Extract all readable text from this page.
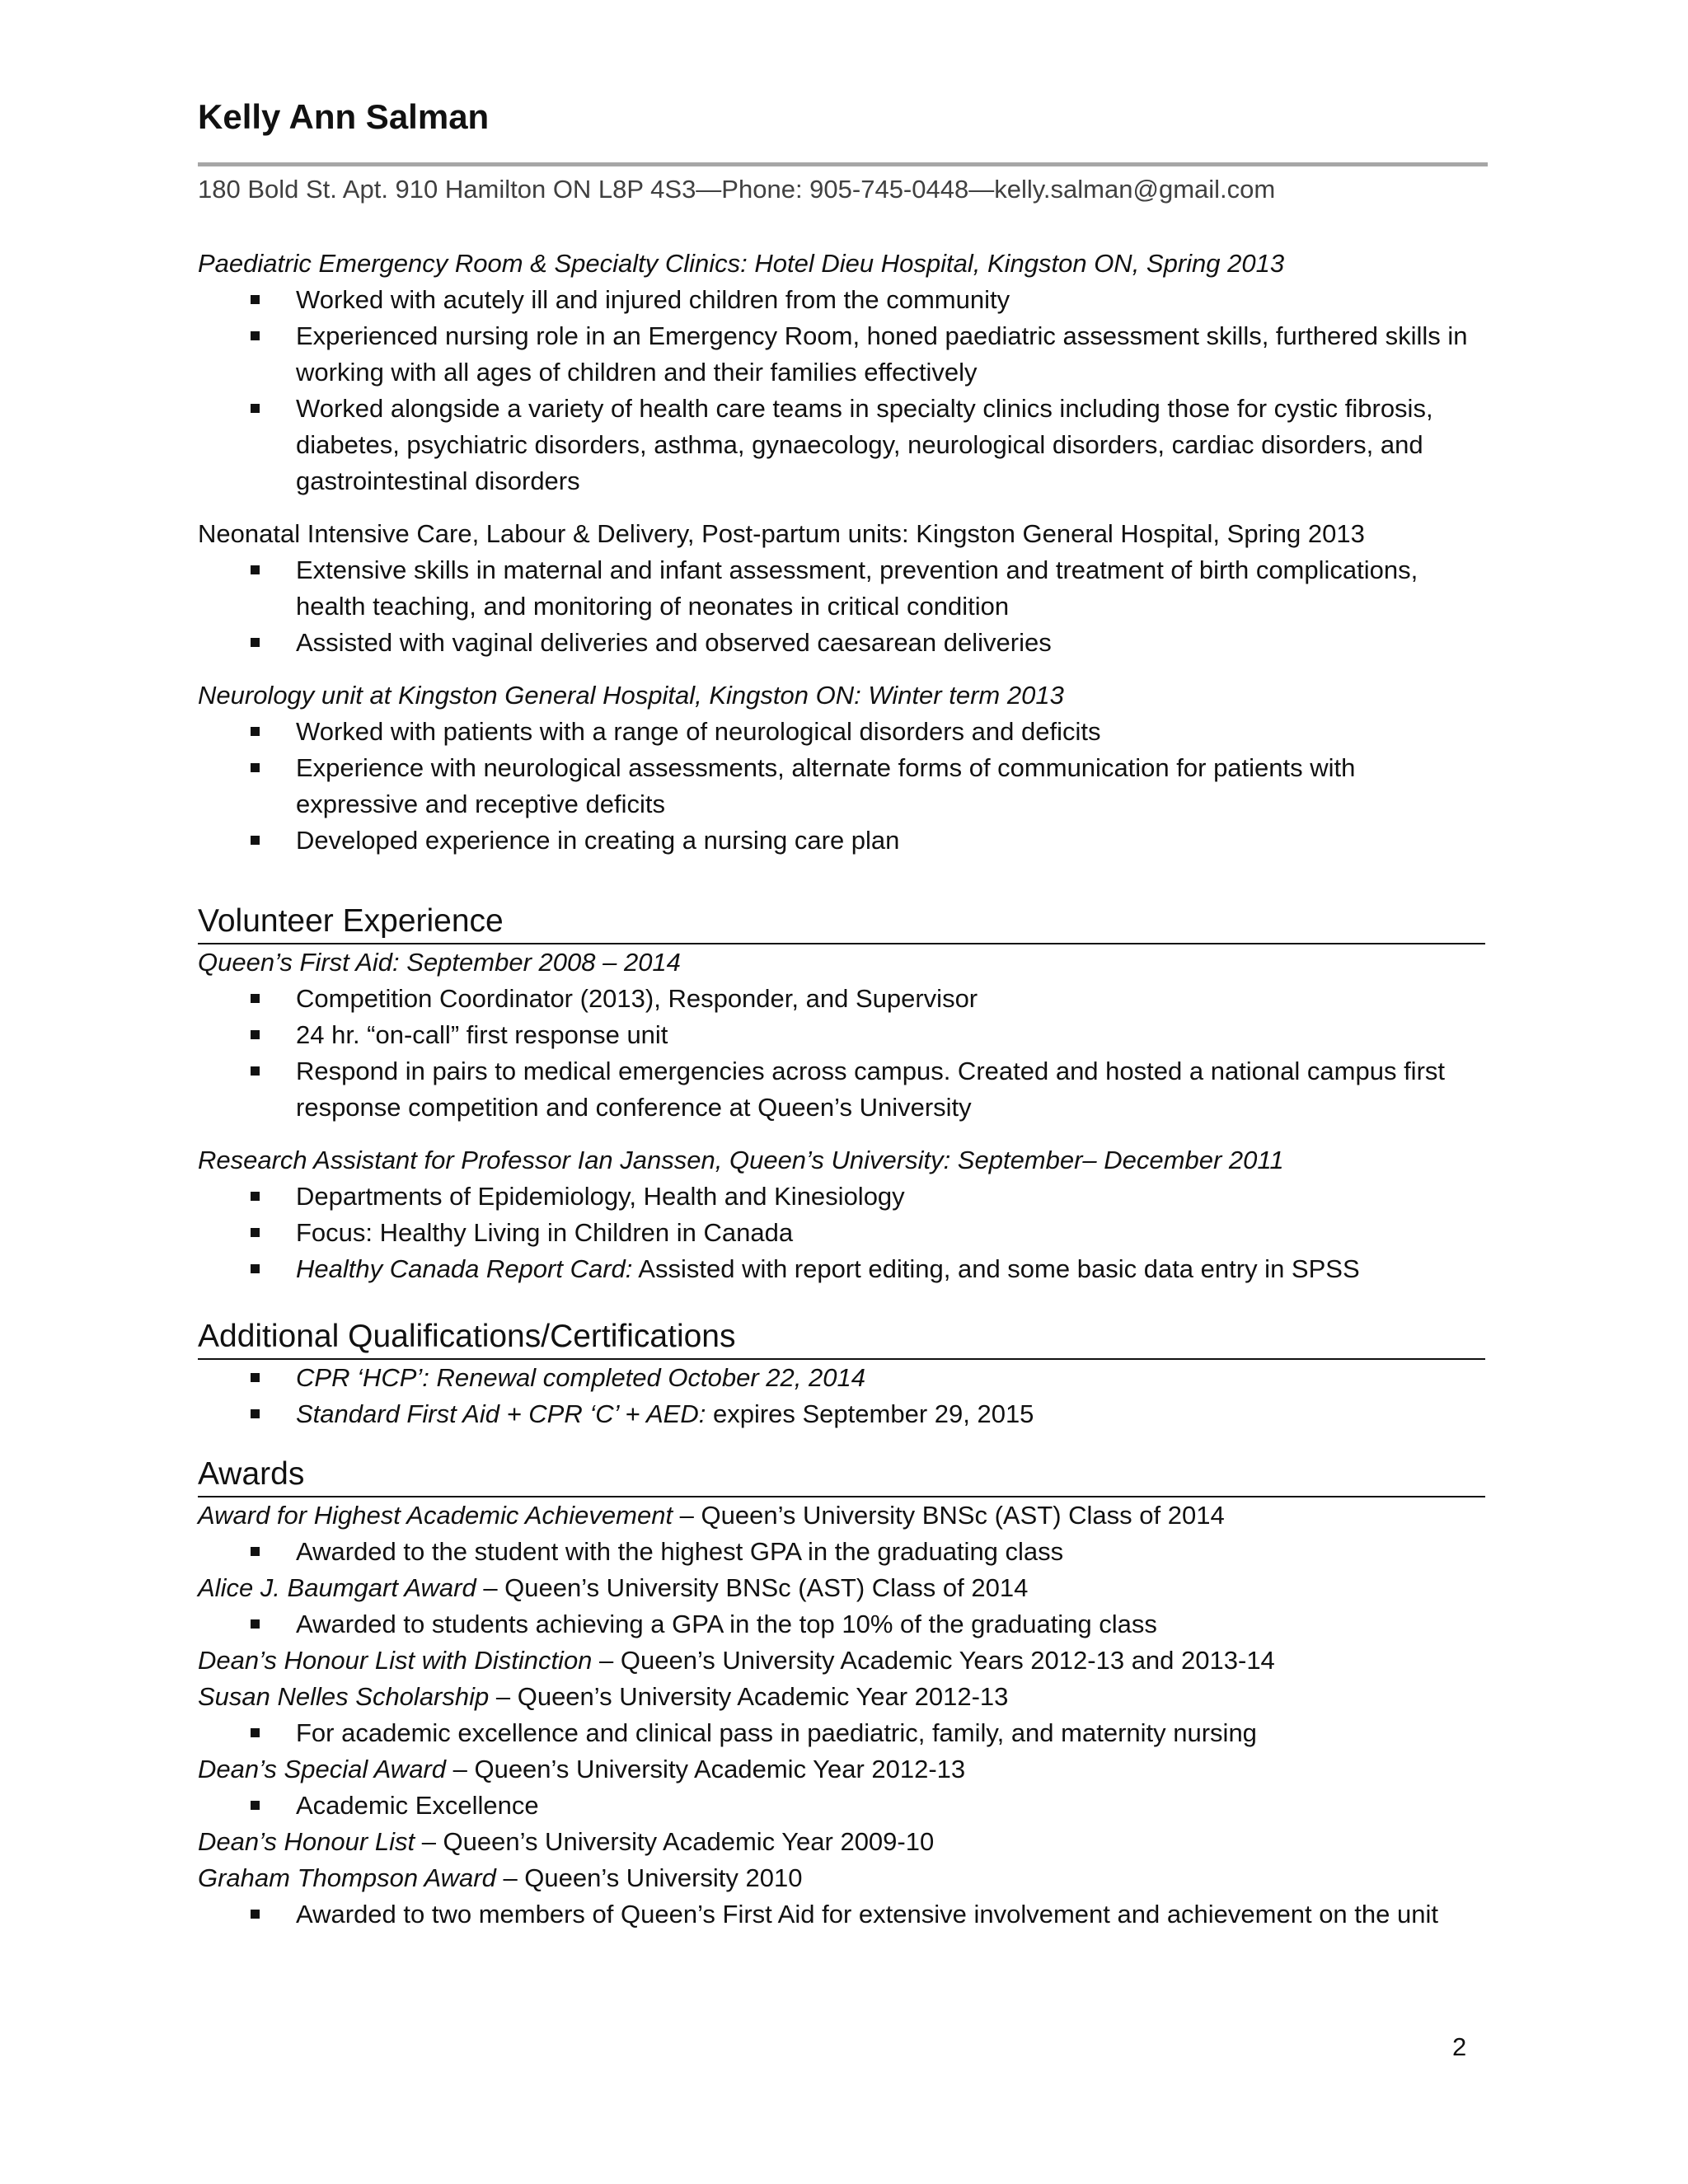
Kelly Ann Salman
180 Bold St. Apt. 910 Hamilton ON L8P 4S3—Phone: 905-745-0448—kelly.salman@gmail.com

Paediatric Emergency Room & Specialty Clinics: Hotel Dieu Hospital, Kingston ON, Spring 2013

Worked with acutely ill and injured children from the community
Experienced nursing role in an Emergency Room, honed paediatric assessment skills, furthered skills in working with all ages of children and their families effectively
Worked alongside a variety of health care teams in specialty clinics including those for cystic fibrosis, diabetes, psychiatric disorders, asthma, gynaecology, neurological disorders, cardiac disorders, and gastrointestinal disorders

Neonatal Intensive Care, Labour & Delivery, Post-partum units: Kingston General Hospital, Spring 2013

Extensive skills in maternal and infant assessment, prevention and treatment of birth complications, health teaching, and monitoring of neonates in critical condition
Assisted with vaginal deliveries and observed caesarean deliveries

Neurology unit at Kingston General Hospital, Kingston ON: Winter term 2013

Worked with patients with a range of neurological disorders and deficits
Experience with neurological assessments, alternate forms of communication for patients with expressive and receptive deficits
Developed experience in creating a nursing care plan
Volunteer Experience

Queen’s First Aid: September 2008 – 2014

Competition Coordinator (2013), Responder, and Supervisor
24 hr. “on-call” first response unit
Respond in pairs to medical emergencies across campus. Created and hosted a national campus first response competition and conference at Queen’s University

Research Assistant for Professor Ian Janssen, Queen’s University: September– December 2011

Departments of Epidemiology, Health and Kinesiology
Focus: Healthy Living in Children in Canada
Healthy Canada Report Card: Assisted with report editing, and some basic data entry in SPSS
Additional Qualifications/Certifications
CPR ‘HCP’: Renewal completed October 22, 2014
Standard First Aid + CPR ‘C’ + AED: expires September 29, 2015
Awards

Award for Highest Academic Achievement – Queen’s University BNSc (AST) Class of 2014

Awarded to the student with the highest GPA in the graduating class

Alice J. Baumgart Award – Queen’s University BNSc (AST) Class of 2014

Awarded to students achieving a GPA in the top 10% of the graduating class

Dean’s Honour List with Distinction – Queen’s University Academic Years 2012-13 and 2013-14

Susan Nelles Scholarship – Queen’s University Academic Year 2012-13

For academic excellence and clinical pass in paediatric, family, and maternity nursing

Dean’s Special Award – Queen’s University Academic Year 2012-13

Academic Excellence

Dean’s Honour List – Queen’s University Academic Year 2009-10

Graham Thompson Award – Queen’s University 2010

Awarded to two members of Queen’s First Aid for extensive involvement and achievement on the unit
2
